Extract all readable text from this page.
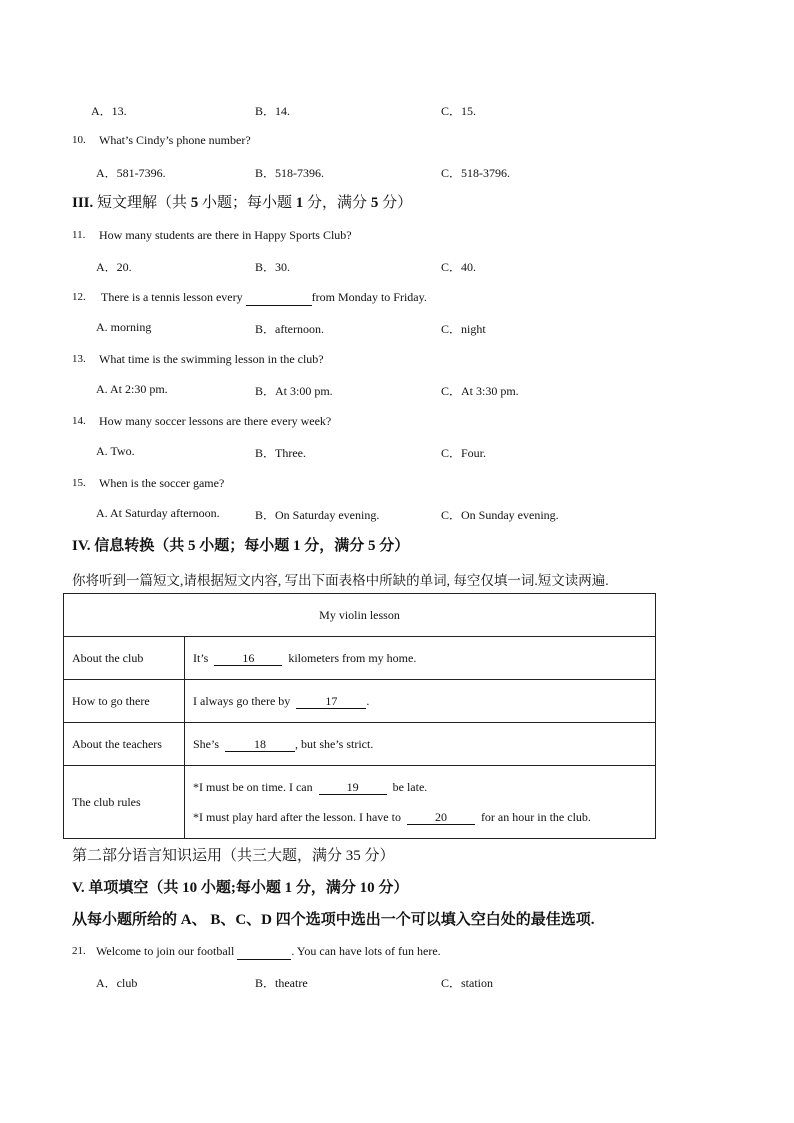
A．13.	B．14.	C．15.
10. What’s Cindy’s phone number?
A．581-7396.	B．518-7396.	C．518-3796.
III. 短文理解（共 5 小题；每小题 1 分，满分 5 分）
11. How many students are there in Happy Sports Club?
A．20.	B．30.	C．40.
12. There is a tennis lesson every	from Monday to Friday.
A. morning	B．afternoon.	C．night
13. What time is the swimming lesson in the club?
A. At 2:30 pm.	B．At 3:00 pm.	C．At 3:30 pm.
14. How many soccer lessons are there every week?
A. Two.	B．Three.	C．Four.
15. When is the soccer game?
A. At Saturday afternoon.	B．On Saturday evening.	C．On Sunday evening.
IV. 信息转换（共 5 小题；每小题 1 分，满分 5 分）
你将听到一篇短文,请根据短文内容, 写出下面表格中所缺的单词, 每空仅填一词.短文读两遍.
My violin lesson	
About the club	It’s 16 kilometers from my home.
How to go there	I always go there by 17 .
About the teachers	She’s 18 , but she’s strict.
The club rules	*I must be on time. I can 19 be late.
*I must play hard after the lesson. I have to 20 for an hour in the club.
第二部分语言知识运用（共三大题，满分 35 分）
V. 单项填空（共 10 小题;每小题 1 分，满分 10 分）
从每小题所给的 A、 B、C、D 四个选项中选出一个可以填入空白处的最佳选项.
21. Welcome to join our football	. You can have lots of fun here.
A．club	B．theatre	C．station
